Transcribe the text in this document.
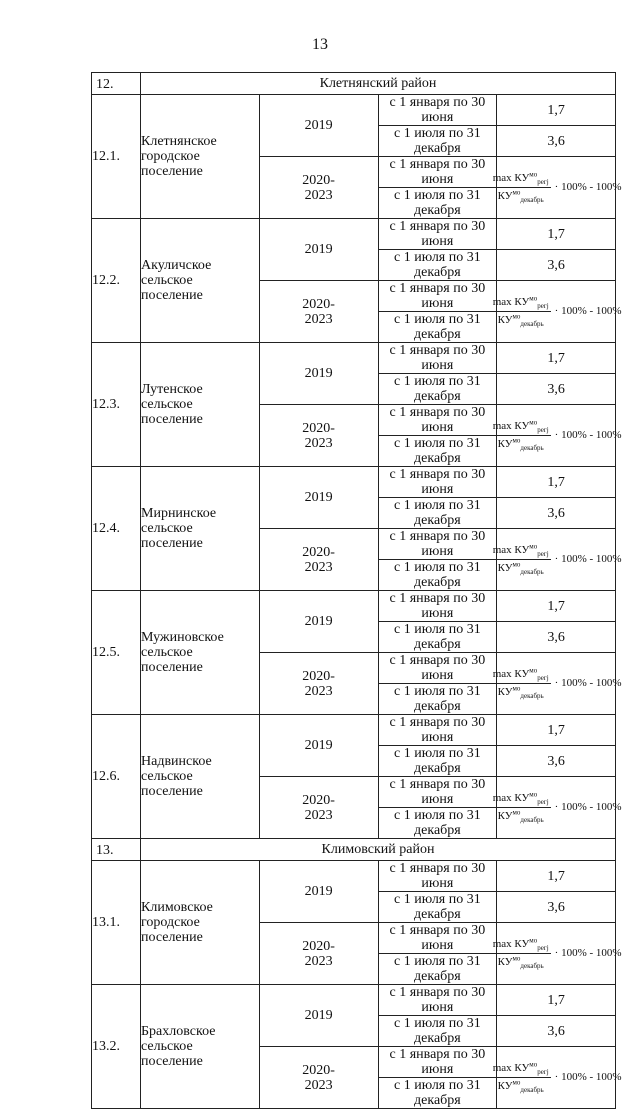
13
12.	Клетнянский район			
12.1.	Клетнянское
городское
поселение	2019	с 1 января по 30 июня	1,7
			с 1 июля по 31 декабря	3,6
		2020-
2023	с 1 января по 30 июня	$\frac{\max КУ^{мо}_{регj}}{КУ^{мо}_{декабрь}} \cdot 100\% - 100\%$

			с 1 июля по 31 декабря	
12.2.	Акуличское
сельское
поселение	2019	с 1 января по 30 июня	1,7
			с 1 июля по 31 декабря	3,6
		2020-
2023	с 1 января по 30 июня	$\frac{\max КУ^{мо}_{регj}}{КУ^{мо}_{декабрь}} \cdot 100\% - 100\%$

			с 1 июля по 31 декабря	
12.3.	Лутенское
сельское
поселение	2019	с 1 января по 30 июня	1,7
			с 1 июля по 31 декабря	3,6
		2020-
2023	с 1 января по 30 июня	$\frac{\max КУ^{мо}_{регj}}{КУ^{мо}_{декабрь}} \cdot 100\% - 100\%$

			с 1 июля по 31 декабря	
12.4.	Мирнинское
сельское
поселение	2019	с 1 января по 30 июня	1,7
			с 1 июля по 31 декабря	3,6
		2020-
2023	с 1 января по 30 июня	$\frac{\max КУ^{мо}_{регj}}{КУ^{мо}_{декабрь}} \cdot 100\% - 100\%$

			с 1 июля по 31 декабря	
12.5.	Мужиновское
сельское
поселение	2019	с 1 января по 30 июня	1,7
			с 1 июля по 31 декабря	3,6
		2020-
2023	с 1 января по 30 июня	$\frac{\max КУ^{мо}_{регj}}{КУ^{мо}_{декабрь}} \cdot 100\% - 100\%$

			с 1 июля по 31 декабря	
12.6.	Надвинское
сельское
поселение	2019	с 1 января по 30 июня	1,7
			с 1 июля по 31 декабря	3,6
		2020-
2023	с 1 января по 30 июня	$\frac{\max КУ^{мо}_{регj}}{КУ^{мо}_{декабрь}} \cdot 100\% - 100\%$

			с 1 июля по 31 декабря	
13.	Климовский район			
13.1.	Климовское
городское
поселение	2019	с 1 января по 30 июня	1,7
			с 1 июля по 31 декабря	3,6
		2020-
2023	с 1 января по 30 июня	$\frac{\max КУ^{мо}_{регj}}{КУ^{мо}_{декабрь}} \cdot 100\% - 100\%$

			с 1 июля по 31 декабря	
13.2.	Брахловское
сельское
поселение	2019	с 1 января по 30 июня	1,7
			с 1 июля по 31 декабря	3,6
		2020-
2023	с 1 января по 30 июня	$\frac{\max КУ^{мо}_{регj}}{КУ^{мо}_{декабрь}} \cdot 100\% - 100\%$

			с 1 июля по 31 декабря	
